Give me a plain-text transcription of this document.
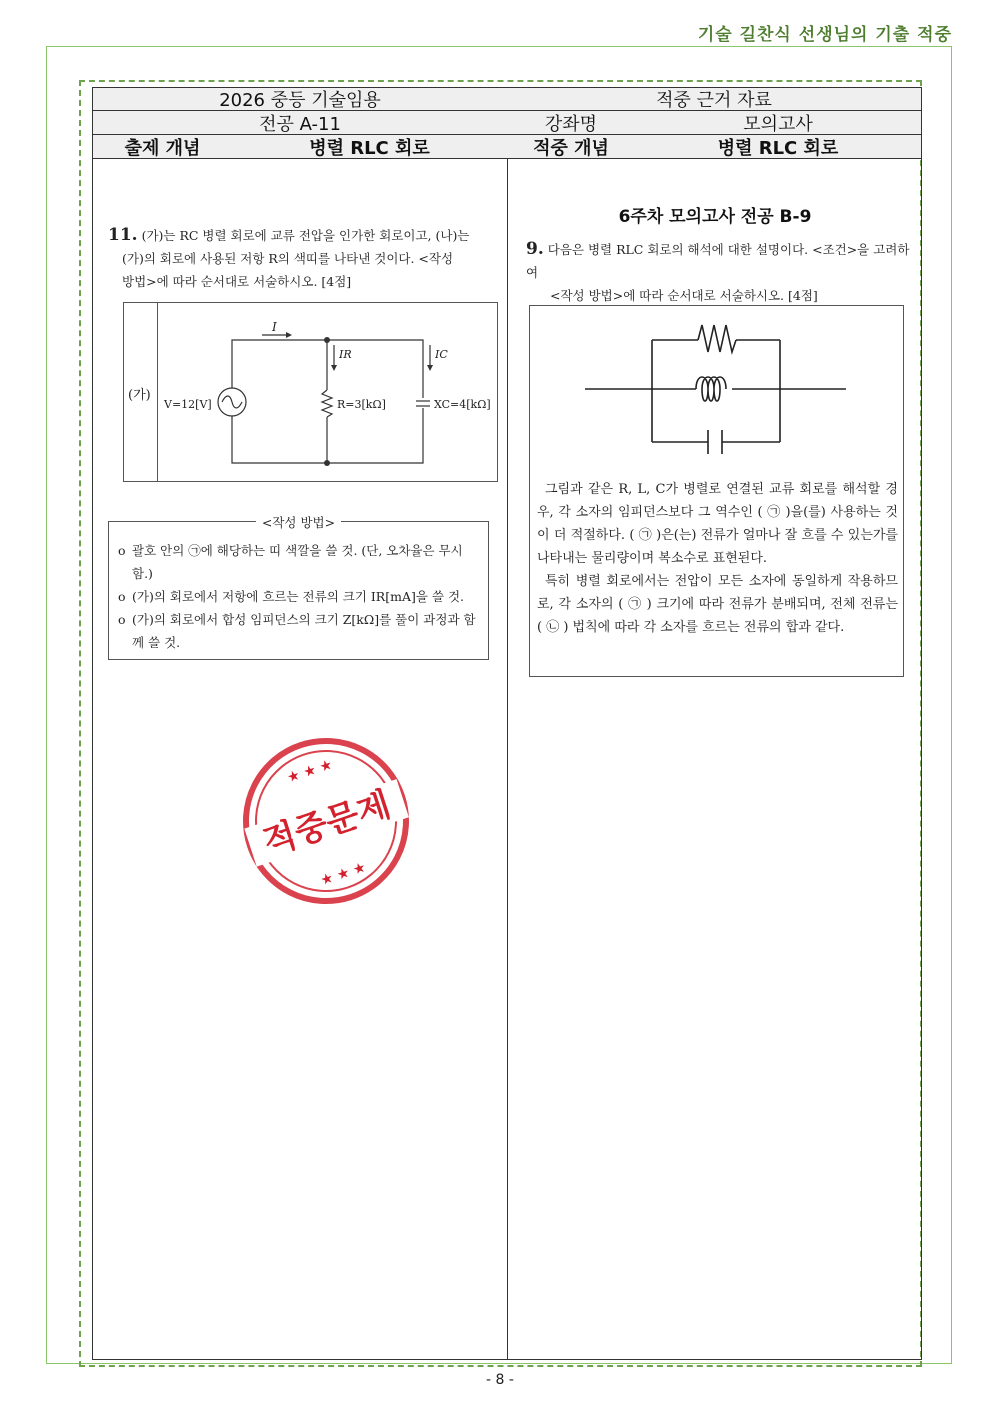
기술 길찬식 선생님의 기출 적중
2026 중등 기술임용	적중 근거 자료
전공 A-11	강좌명	모의고사
출제 개념	병렬 RLC 회로	적중 개념	병렬 RLC 회로
11. (가)는 RC 병렬 회로에 교류 전압을 인가한 회로이고, (나)는
(가)의 회로에 사용된 저항 R의 색띠를 나타낸 것이다. <작성
방법>에 따라 순서대로 서술하시오. [4점]
(가)
I
IR	IC
V=12[V]	R=3[kΩ]	XC=4[kΩ]
<작성 방법>
o 괄호 안의 ㉠에 해당하는 띠 색깔을 쓸 것. (단, 오차율은 무시함.)
o (가)의 회로에서 저항에 흐르는 전류의 크기 IR[mA]을 쓸 것.
o (가)의 회로에서 합성 임피던스의 크기 Z[kΩ]를 풀이 과정과 함께 쓸 것.
★ ★ ★
★ ★ ★
적중문제
6주차 모의고사 전공 B-9
9. 다음은 병렬 RLC 회로의 해석에 대한 설명이다. <조건>을 고려하여
<작성 방법>에 따라 순서대로 서술하시오. [4점]

그림과 같은 R, L, C가 병렬로 연결된 교류 회로를 해석할 경우, 각 소자의 임피던스보다 그 역수인 ( ㉠ )을(를) 사용하는 것이 더 적절하다. ( ㉠ )은(는) 전류가 얼마나 잘 흐를 수 있는가를 나타내는 물리량이며 복소수로 표현된다.

특히 병렬 회로에서는 전압이 모든 소자에 동일하게 작용하므로, 각 소자의 ( ㉠ ) 크기에 따라 전류가 분배되며, 전체 전류는 ( ㉡ ) 법칙에 따라 각 소자를 흐르는 전류의 합과 같다.

- 8 -
